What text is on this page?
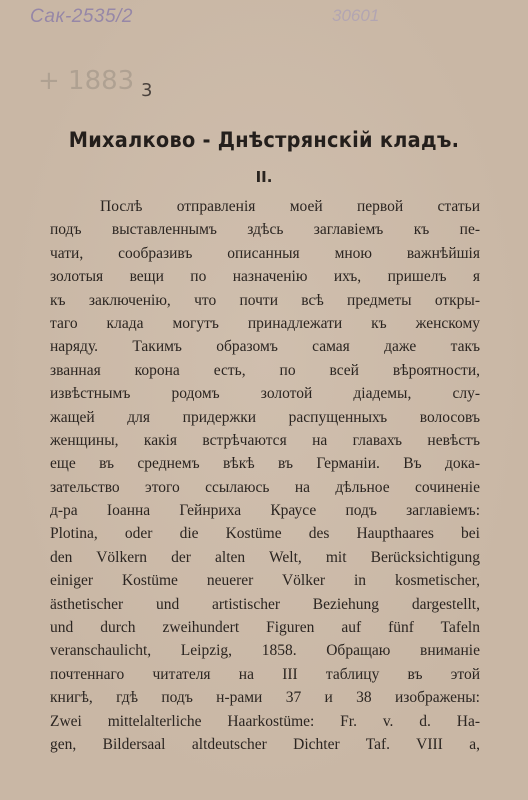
Сак-2535/2	30601
+ 1883 3
Михалково - Днѣстрянскій кладъ.
II.
Послѣ отправленія моей первой статьи
подъ выставленнымъ здѣсь заглавіемъ къ пе-
чати, сообразивъ описанныя мною важнѣйшія
золотыя вещи по назначенію ихъ, пришелъ я
къ заключенію, что почти всѣ предметы откры-
таго клада могутъ принадлежати къ женскому
наряду. Такимъ образомъ самая даже такъ
званная корона есть, по всей вѣроятности,
извѣстнымъ родомъ золотой діадемы, слу-
жащей для придержки распущенныхъ волосовъ
женщины, какія встрѣчаются на главахъ невѣстъ
еще въ среднемъ вѣкѣ въ Германіи. Въ дока-
зательство этого ссылаюсь на дѣльное сочиненіе
д-ра Іоанна Гейнриха Краусе подъ заглавіемъ:
Plotina, oder die Kostüme des Haupthaares bei
den Völkern der alten Welt, mit Berücksichtigung
einiger Kostüme neuerer Völker in kosmetischer,
ästhetischer und artistischer Beziehung dargestellt,
und durch zweihundert Figuren auf fünf Tafeln
veranschaulicht, Leipzig, 1858. Обращаю вниманіе
почтеннаго читателя на III таблицу въ этой
книгѣ, гдѣ подъ н-рами 37 и 38 изображены:
Zwei mittelalterliche Haarkostüme: Fr. v. d. Ha-
gen, Bildersaal altdeutscher Dichter Taf. VIII a,
